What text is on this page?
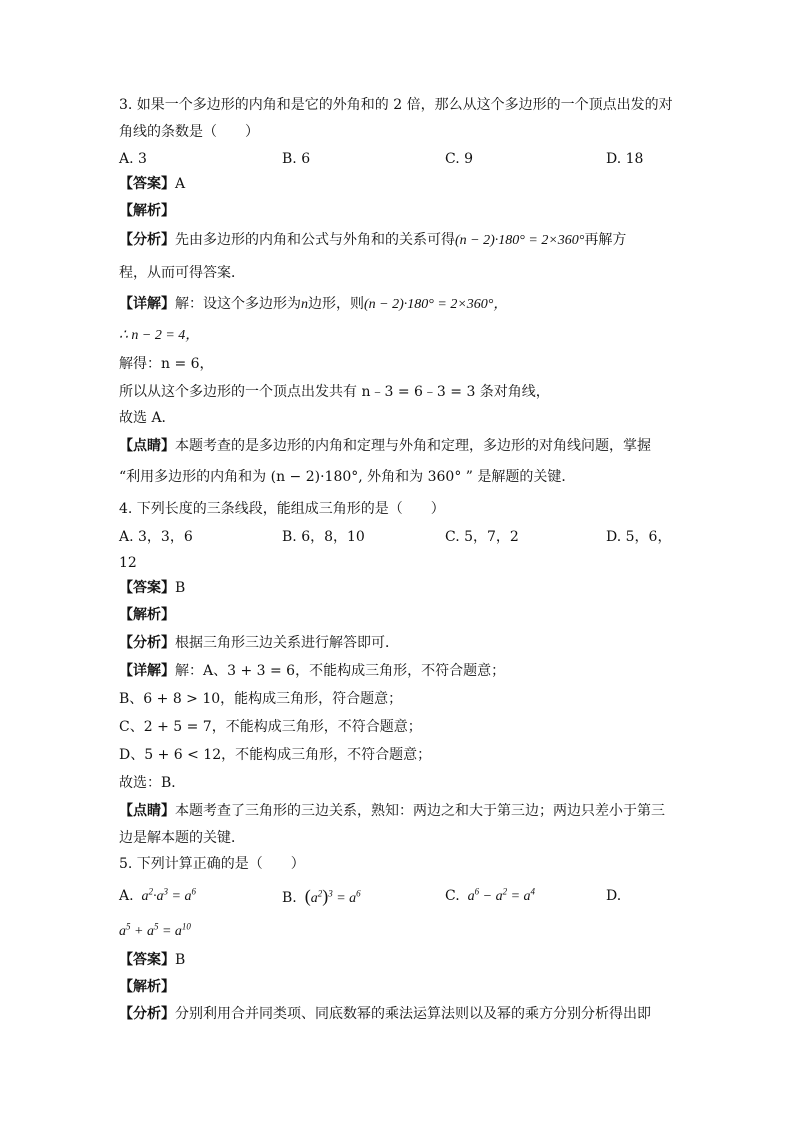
3. 如果一个多边形的内角和是它的外角和的 2 倍，那么从这个多边形的一个顶点出发的对
角线的条数是（　　）
A. 3	B. 6	C. 9	D. 18
【答案】A
【解析】
【分析】先由多边形的内角和公式与外角和的关系可得(n − 2)·180° = 2×360°再解方
程，从而可得答案．
【详解】解：设这个多边形为n边形，则(n − 2)·180° = 2×360°，
∴ n − 2 = 4，
解得：n = 6，
所以从这个多边形的一个顶点出发共有 n﹣3 = 6﹣3 = 3 条对角线，
故选 A．
【点睛】本题考查的是多边形的内角和定理与外角和定理，多边形的对角线问题，掌握
“利用多边形的内角和为 (n − 2)·180°, 外角和为 360° ” 是解题的关键．
4. 下列长度的三条线段，能组成三角形的是（　　）
A. 3，3，6	B. 6，8，10	C. 5，7，2	D. 5，6，
12
【答案】B
【解析】
【分析】根据三角形三边关系进行解答即可．
【详解】解：A、3 + 3 = 6，不能构成三角形，不符合题意；
B、6 + 8 > 10，能构成三角形，符合题意；
C、2 + 5 = 7，不能构成三角形，不符合题意；
D、5 + 6 < 12，不能构成三角形，不符合题意；
故选：B．
【点睛】本题考查了三角形的三边关系，熟知：两边之和大于第三边；两边只差小于第三
边是解本题的关键．
5. 下列计算正确的是（　　）
A. $a^2\cdot a^3 = a^6$	B. $(a^2)^3 = a^6$	C. $a^6 - a^2 = a^4$	D.
$a^5 + a^5 = a^{10}$
【答案】B
【解析】
【分析】分别利用合并同类项、同底数幂的乘法运算法则以及幂的乘方分别分析得出即
